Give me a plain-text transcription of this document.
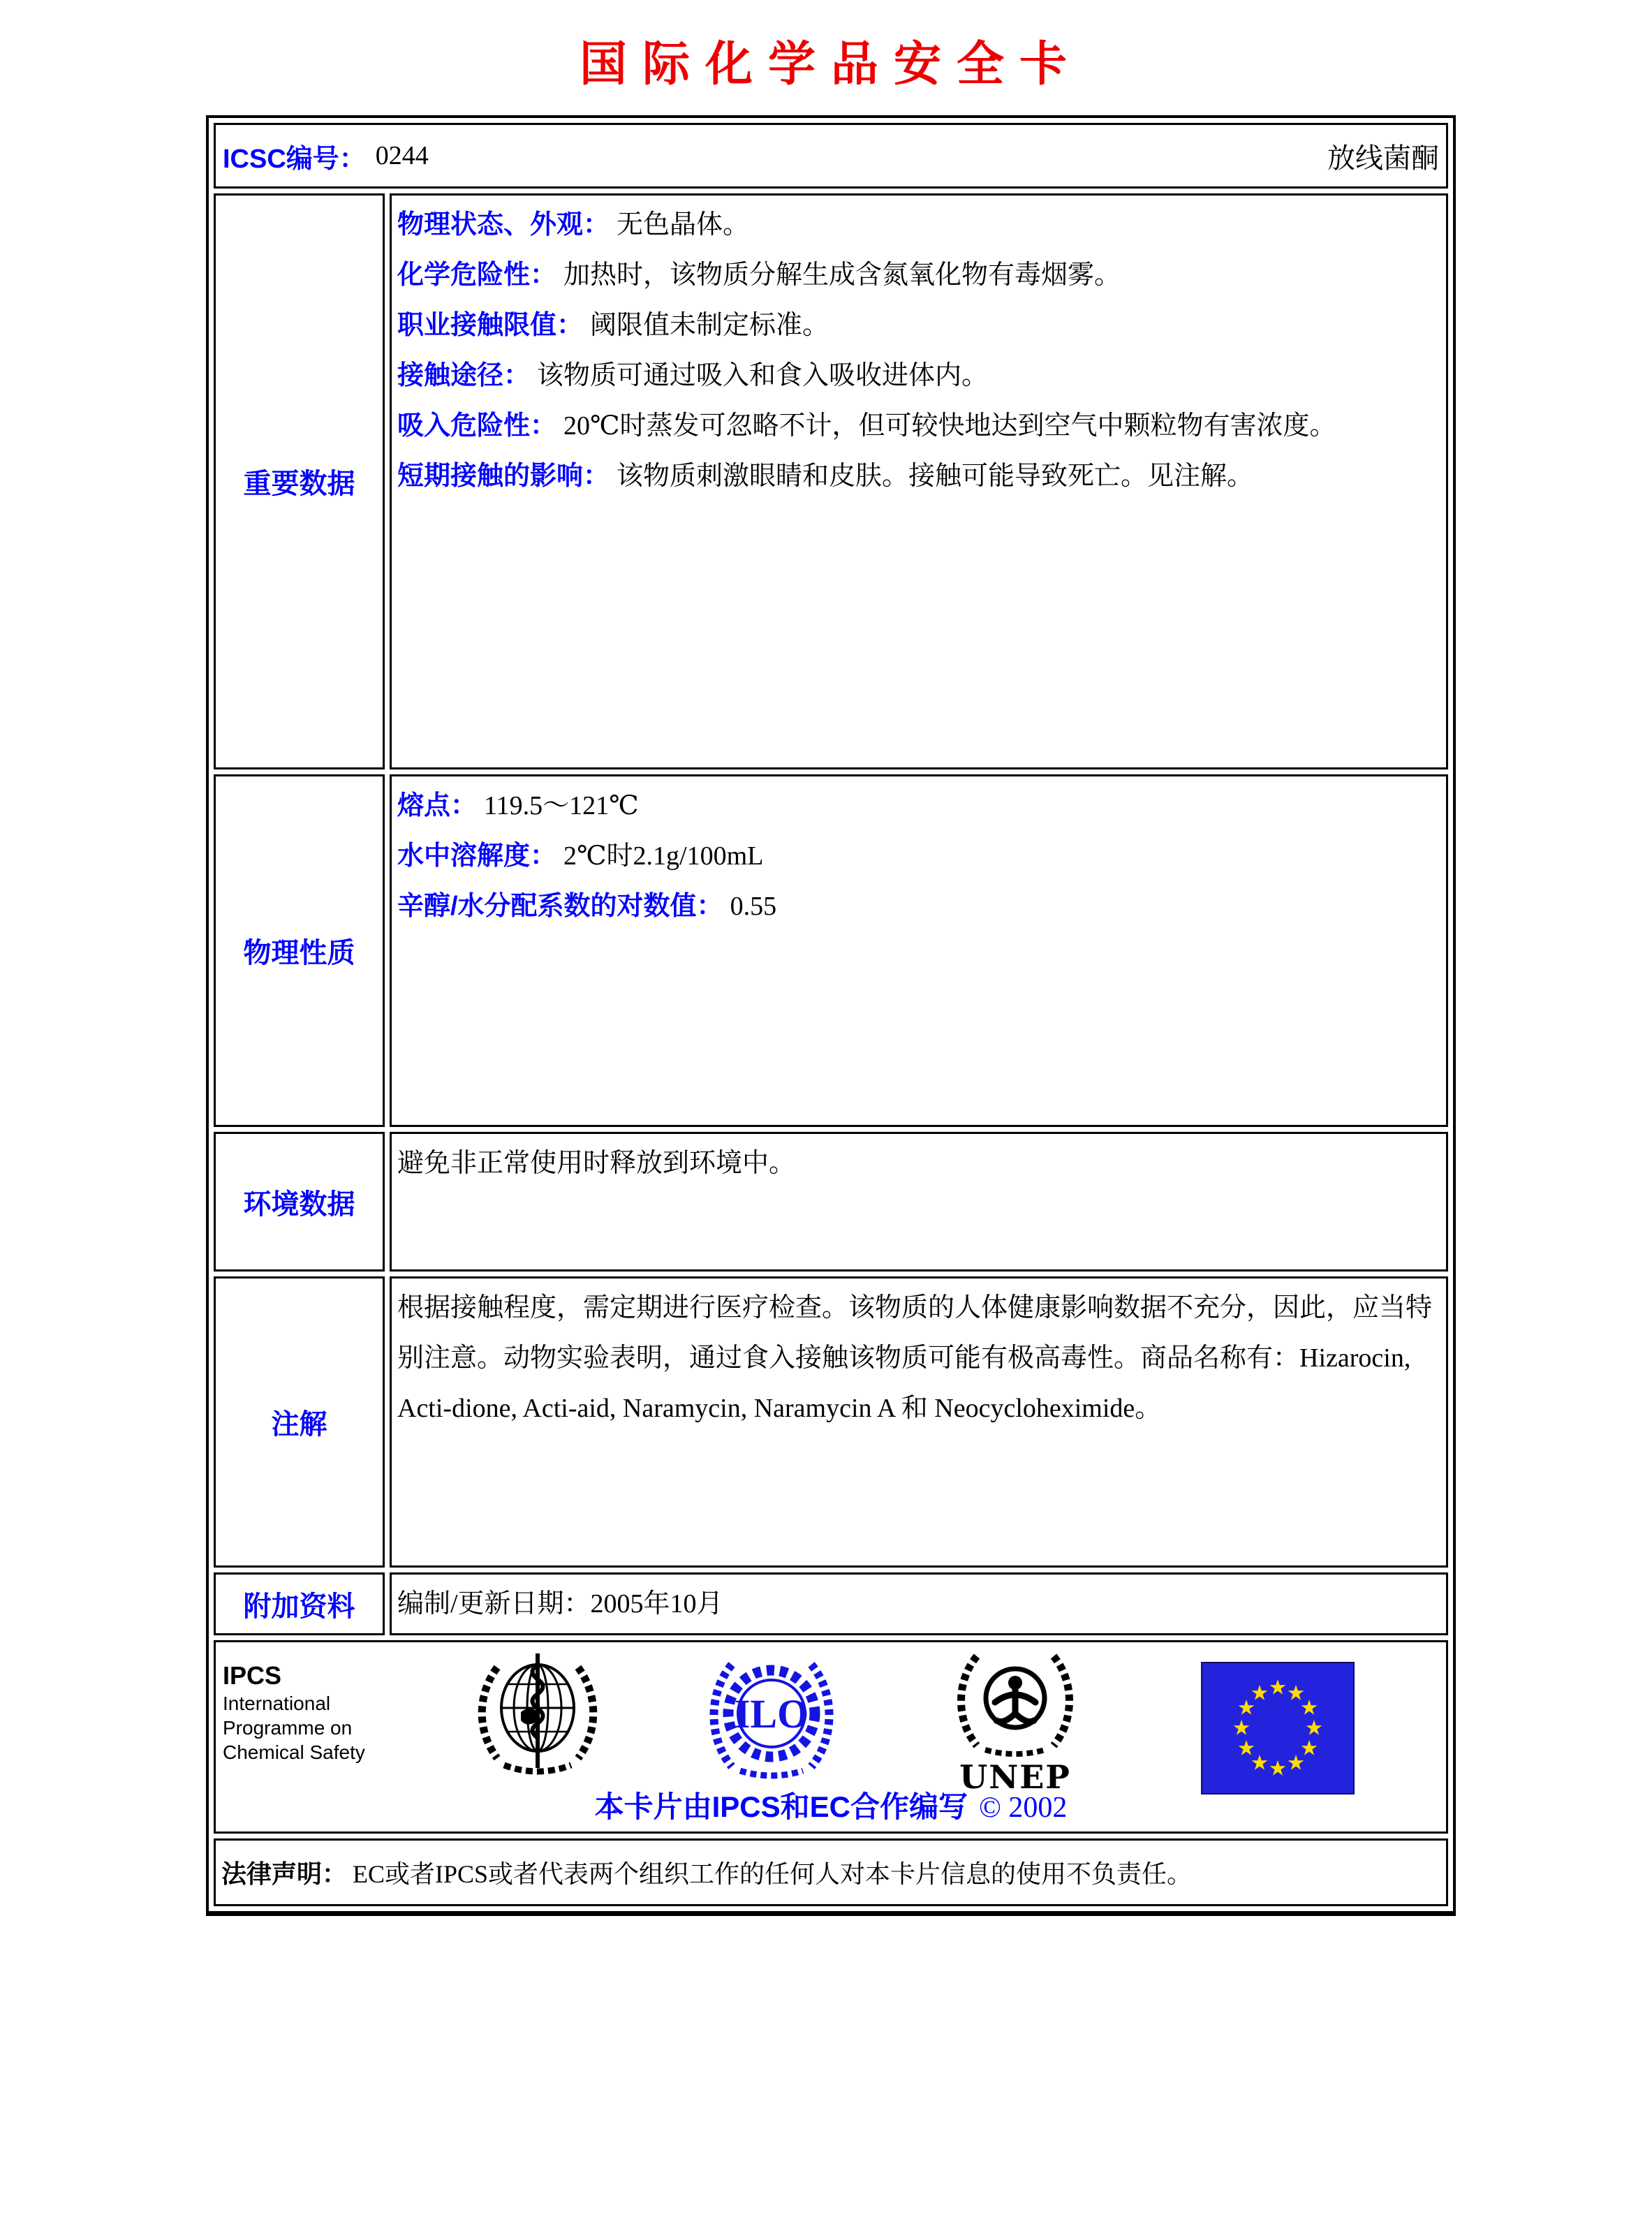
国际化学品安全卡
ICSC编号： 0244	放线菌酮
重要数据

物理状态、外观： 无色晶体。

化学危险性： 加热时，该物质分解生成含氮氧化物有毒烟雾。

职业接触限值： 阈限值未制定标准。

接触途径： 该物质可通过吸入和食入吸收进体内。

吸入危险性： 20℃时蒸发可忽略不计，但可较快地达到空气中颗粒物有害浓度。

短期接触的影响： 该物质刺激眼睛和皮肤。接触可能导致死亡。见注解。

物理性质

熔点： 119.5～121℃

水中溶解度： 2℃时2.1g/100mL

辛醇/水分配系数的对数值： 0.55

环境数据

避免非正常使用时释放到环境中。

注解

根据接触程度，需定期进行医疗检查。该物质的人体健康影响数据不充分，因此，应当特别注意。动物实验表明，通过食入接触该物质可能有极高毒性。商品名称有：Hizarocin, Acti-dione, Acti-aid, Naramycin, Naramycin A 和 Neocycloheximide。

附加资料 编制/更新日期：2005年10月

IPCS
International
Programme on
Chemical Safety
ILO
UNEP
本卡片由IPCS和EC合作编写 © 2002
法律声明： EC或者IPCS或者代表两个组织工作的任何人对本卡片信息的使用不负责任。
